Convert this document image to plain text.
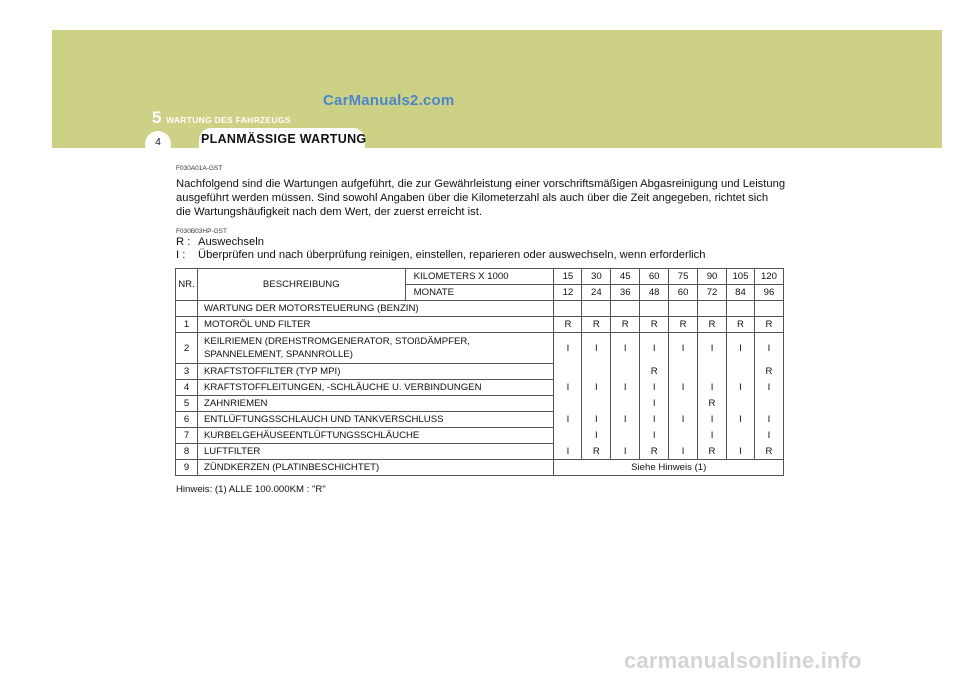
CarManuals2.com
5 WARTUNG DES FAHRZEUGS
4	PLANMÄSSIGE WARTUNG
F030A01A-GST
Nachfolgend sind die Wartungen aufgeführt, die zur Gewährleistung einer vorschriftsmäßigen Abgasreinigung und Leistung ausgeführt werden müssen. Sind sowohl Angaben über die Kilometerzahl als auch über die Zeit angegeben, richtet sich die Wartungshäufigkeit nach dem Wert, der zuerst erreicht ist.
F030B03HP-GST
R : Auswechseln
I : Überprüfen und nach überprüfung reinigen, einstellen, reparieren oder auswechseln, wenn erforderlich
NR.	BESCHREIBUNG	KILOMETERS X 1000	15	30	45	60	75	90	105	120
		MONATE	12	24	36	48	60	72	84	96
	WARTUNG DER MOTORSTEUERUNG (BENZIN)									
1	MOTORÖL UND FILTER		R	R	R	R	R	R	R	R
2	KEILRIEMEN (DREHSTROMGENERATOR, STOßDÄMPFER,
SPANNELEMENT, SPANNROLLE)		I	I	I	I	I	I	I	I
3	KRAFTSTOFFILTER (TYP MPI)					R				R
4	KRAFTSTOFFLEITUNGEN, -SCHLÄUCHE U. VERBINDUNGEN		I	I	I	I	I	I	I	I
5	ZAHNRIEMEN					I		R		
6	ENTLÜFTUNGSSCHLAUCH UND TANKVERSCHLUSS		I	I	I	I	I	I	I	I
7	KURBELGEHÄUSEENTLÜFTUNGSSCHLÄUCHE			I		I		I		I
8	LUFTFILTER		I	R	I	R	I	R	I	R
9	ZÜNDKERZEN (PLATINBESCHICHTET)		Siehe Hinweis (1)							
Hinweis: (1) ALLE 100.000KM : "R"
carmanualsonline.info
